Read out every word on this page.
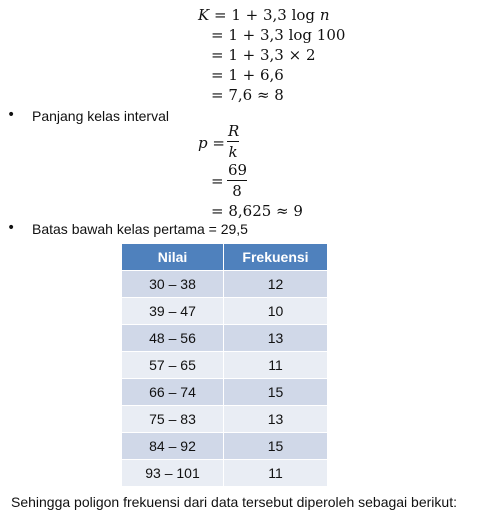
K = 1 + 3,3 log n
= 1 + 3,3 log 100
= 1 + 3,3 × 2
= 1 + 6,6
= 7,6 ≈ 8
• Panjang kelas interval
p =
R
k
=
69
8
= 8,625 ≈ 9
• Batas bawah kelas pertama = 29,5
Nilai	Frekuensi
30 – 38	12
39 – 47	10
48 – 56	13
57 – 65	11
66 – 74	15
75 – 83	13
84 – 92	15
93 – 101	11
Sehingga poligon frekuensi dari data tersebut diperoleh sebagai berikut:
